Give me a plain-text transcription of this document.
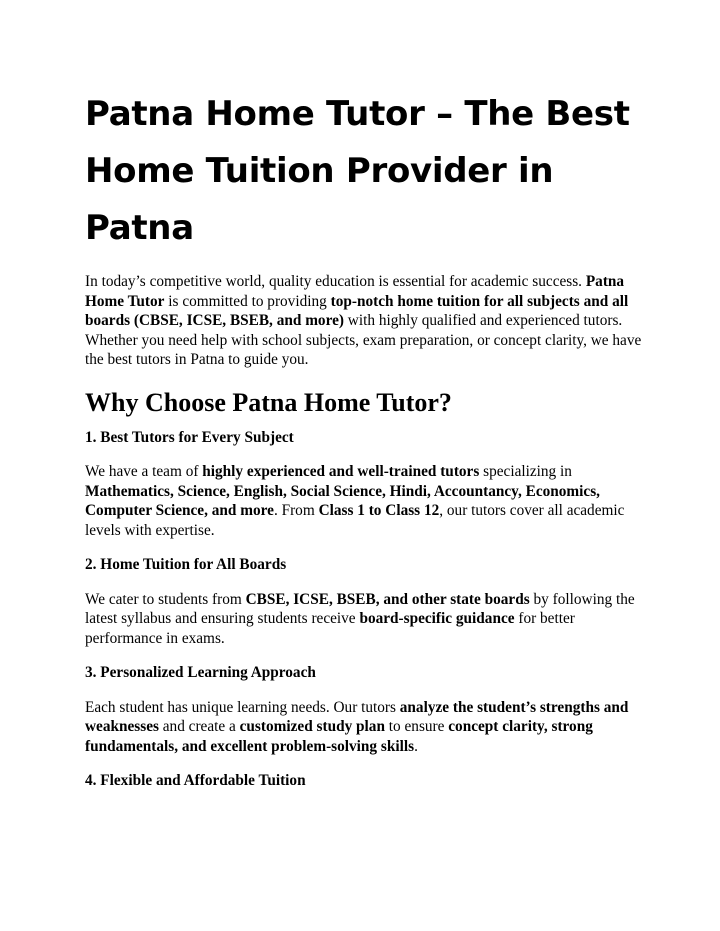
Patna Home Tutor – The Best Home Tuition Provider in Patna

In today’s competitive world, quality education is essential for academic success. Patna Home Tutor is committed to providing top-notch home tuition for all subjects and all boards (CBSE, ICSE, BSEB, and more) with highly qualified and experienced tutors. Whether you need help with school subjects, exam preparation, or concept clarity, we have the best tutors in Patna to guide you.

Why Choose Patna Home Tutor?
1. Best Tutors for Every Subject

We have a team of highly experienced and well-trained tutors specializing in Mathematics, Science, English, Social Science, Hindi, Accountancy, Economics, Computer Science, and more. From Class 1 to Class 12, our tutors cover all academic levels with expertise.

2. Home Tuition for All Boards

We cater to students from CBSE, ICSE, BSEB, and other state boards by following the latest syllabus and ensuring students receive board-specific guidance for better performance in exams.

3. Personalized Learning Approach

Each student has unique learning needs. Our tutors analyze the student’s strengths and weaknesses and create a customized study plan to ensure concept clarity, strong fundamentals, and excellent problem-solving skills.

4. Flexible and Affordable Tuition
